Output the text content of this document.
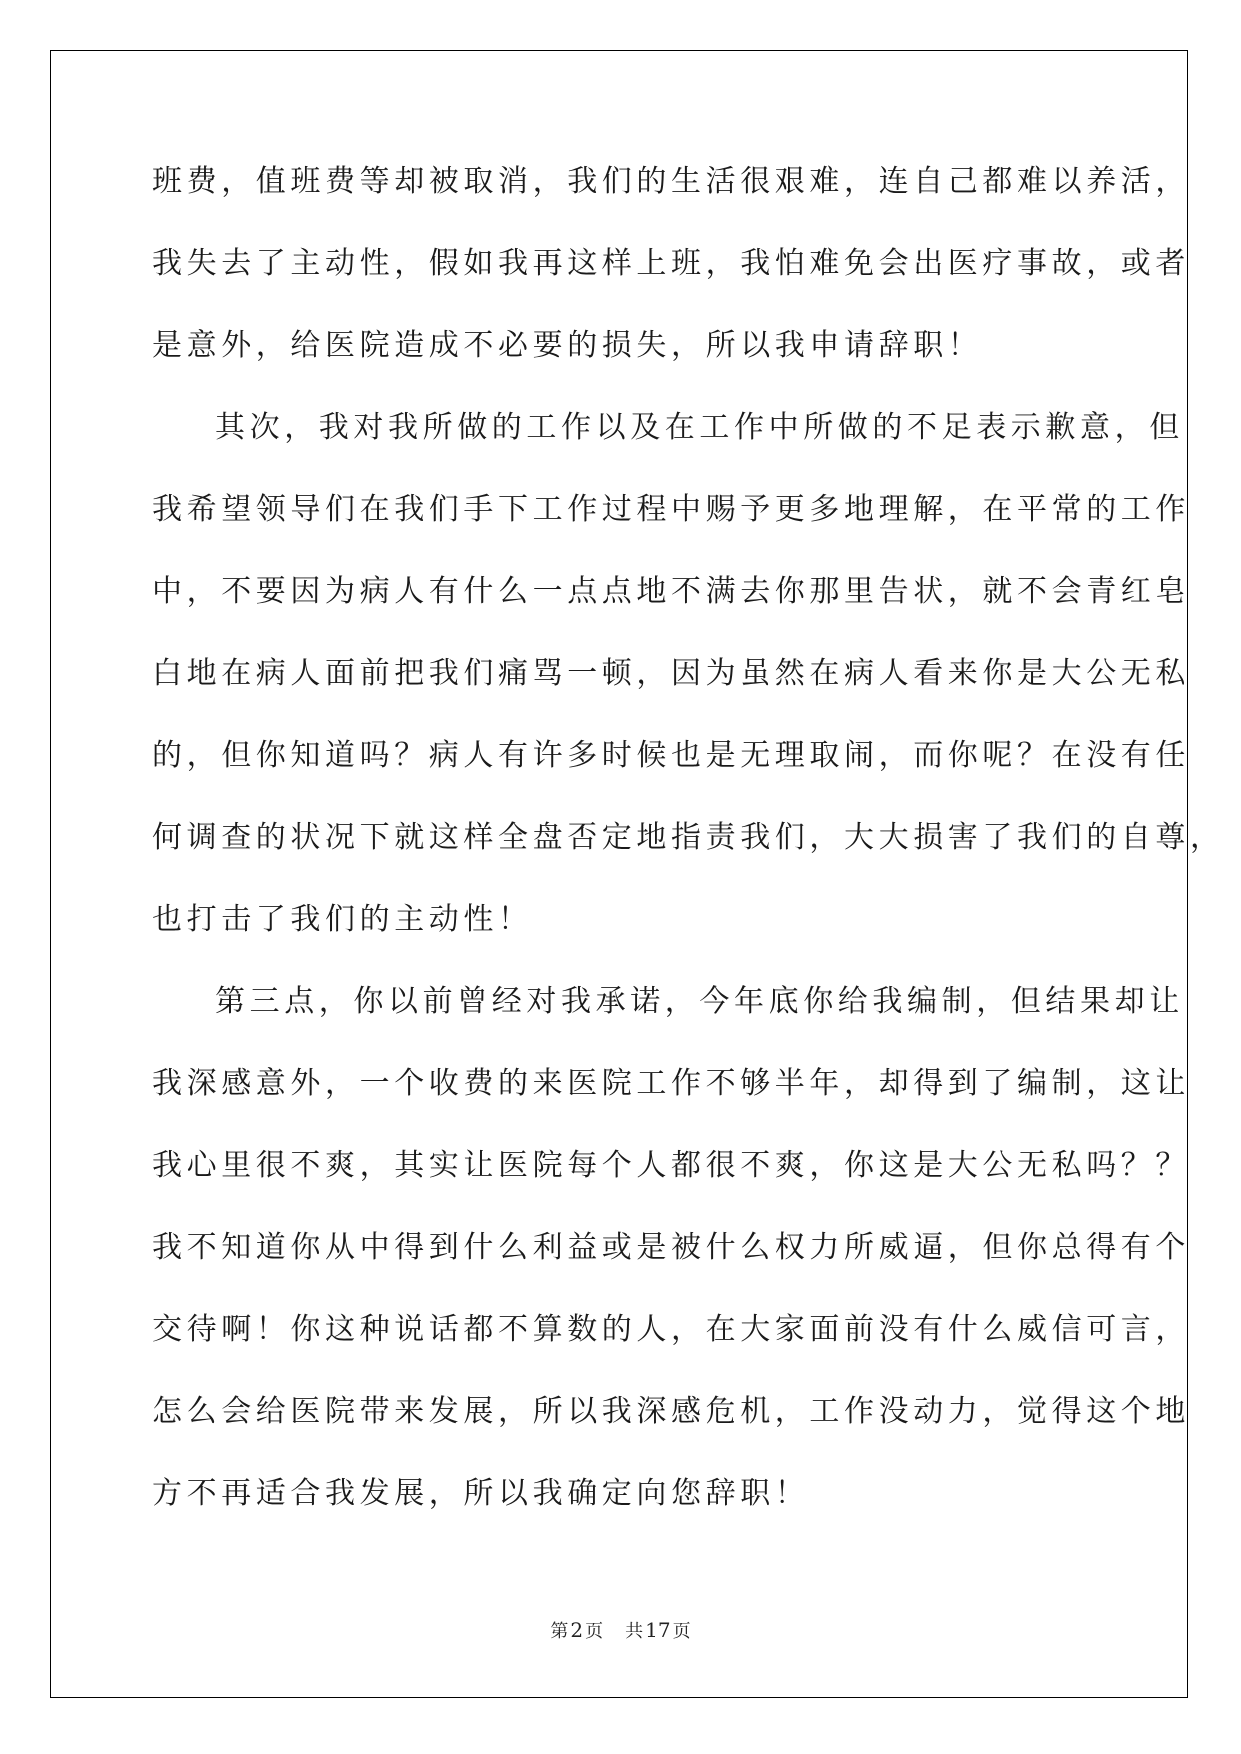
班费，值班费等却被取消，我们的生活很艰难，连自己都难以养活，
我失去了主动性，假如我再这样上班，我怕难免会出医疗事故，或者
是意外，给医院造成不必要的损失，所以我申请辞职！
其次，我对我所做的工作以及在工作中所做的不足表示歉意，但
我希望领导们在我们手下工作过程中赐予更多地理解，在平常的工作
中，不要因为病人有什么一点点地不满去你那里告状，就不会青红皂
白地在病人面前把我们痛骂一顿，因为虽然在病人看来你是大公无私
的，但你知道吗？病人有许多时候也是无理取闹，而你呢？在没有任
何调查的状况下就这样全盘否定地指责我们，大大损害了我们的自尊，
也打击了我们的主动性！
第三点，你以前曾经对我承诺，今年底你给我编制，但结果却让
我深感意外，一个收费的来医院工作不够半年，却得到了编制，这让
我心里很不爽，其实让医院每个人都很不爽，你这是大公无私吗？？
我不知道你从中得到什么利益或是被什么权力所威逼，但你总得有个
交待啊！你这种说话都不算数的人，在大家面前没有什么威信可言，
怎么会给医院带来发展，所以我深感危机，工作没动力，觉得这个地
方不再适合我发展，所以我确定向您辞职！
第 2 页 共 17 页
